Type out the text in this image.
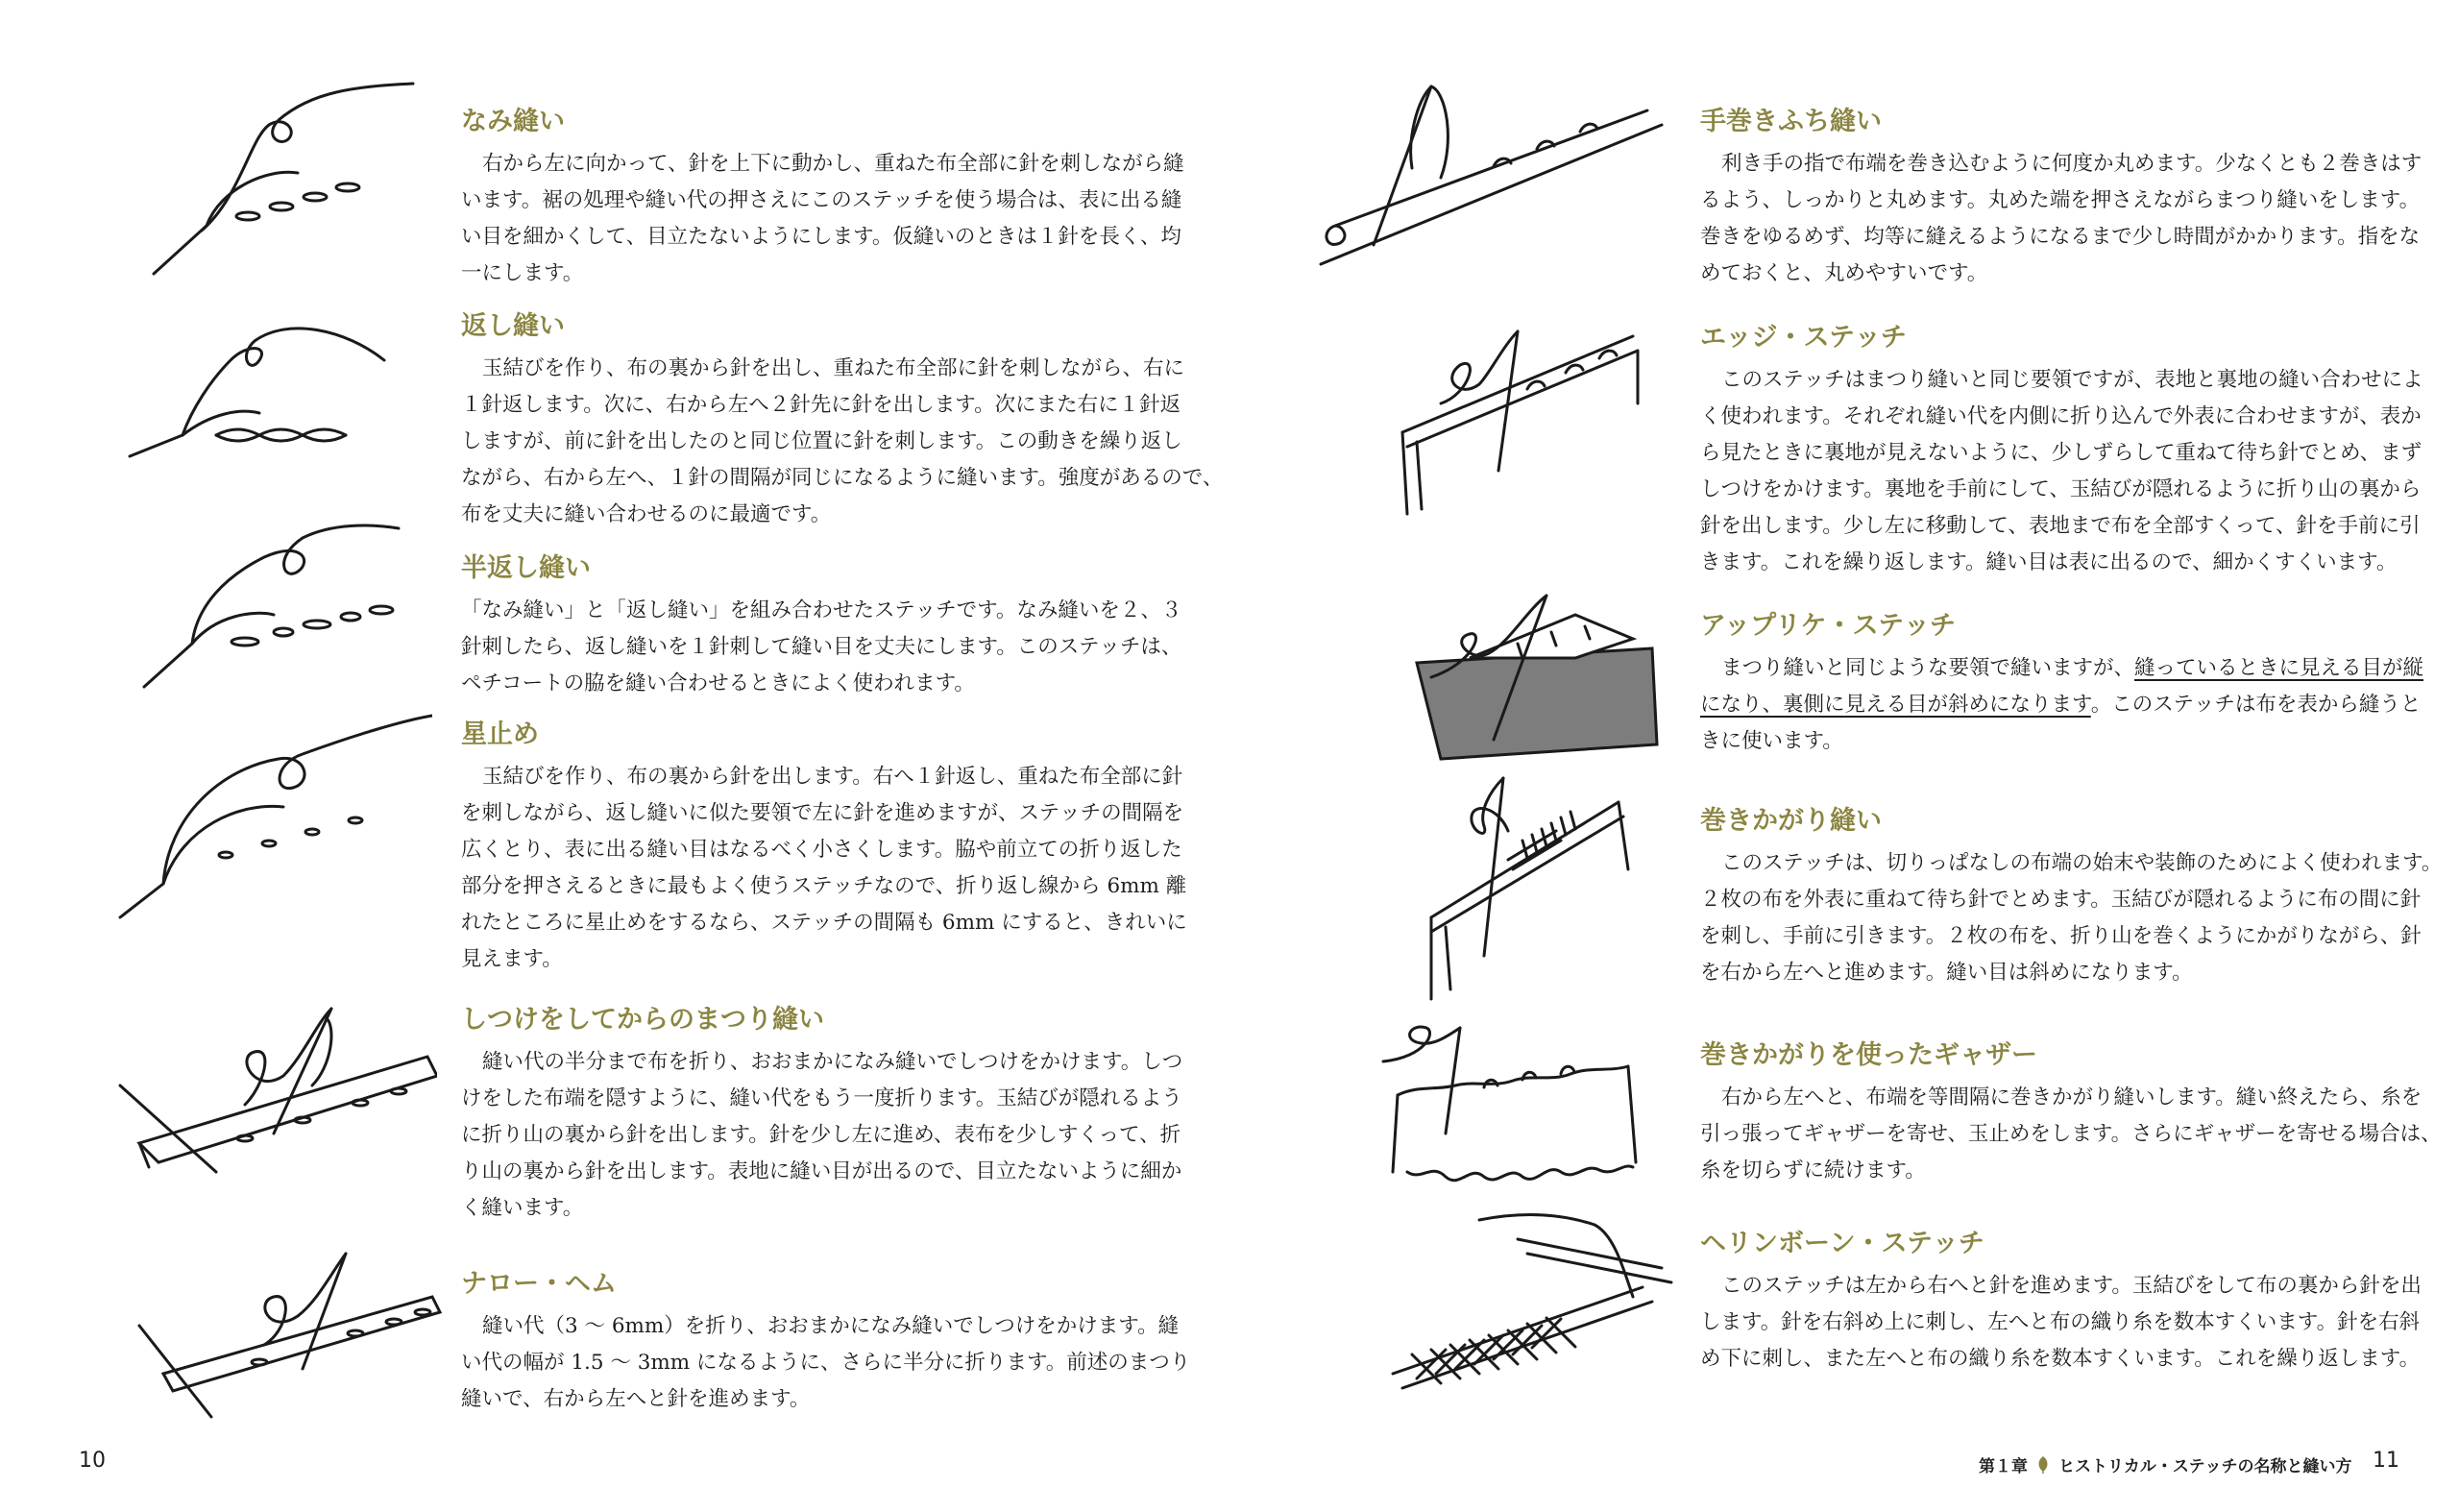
なみ縫い

右から左に向かって、針を上下に動かし、重ねた布全部に針を刺しながら縫

います。裾の処理や縫い代の押さえにこのステッチを使う場合は、表に出る縫

い目を細かくして、目立たないようにします。仮縫いのときは１針を長く、均

一にします。

返し縫い

玉結びを作り、布の裏から針を出し、重ねた布全部に針を刺しながら、右に

１針返します。次に、右から左へ２針先に針を出します。次にまた右に１針返

しますが、前に針を出したのと同じ位置に針を刺します。この動きを繰り返し

ながら、右から左へ、１針の間隔が同じになるように縫います。強度があるので、

布を丈夫に縫い合わせるのに最適です。

半返し縫い

「なみ縫い」と「返し縫い」を組み合わせたステッチです。なみ縫いを２、３

針刺したら、返し縫いを１針刺して縫い目を丈夫にします。このステッチは、

ペチコートの脇を縫い合わせるときによく使われます。

星止め

玉結びを作り、布の裏から針を出します。右へ１針返し、重ねた布全部に針

を刺しながら、返し縫いに似た要領で左に針を進めますが、ステッチの間隔を

広くとり、表に出る縫い目はなるべく小さくします。脇や前立ての折り返した

部分を押さえるときに最もよく使うステッチなので、折り返し線から 6mm 離

れたところに星止めをするなら、ステッチの間隔も 6mm にすると、きれいに

見えます。

しつけをしてからのまつり縫い

縫い代の半分まで布を折り、おおまかになみ縫いでしつけをかけます。しつ

けをした布端を隠すように、縫い代をもう一度折ります。玉結びが隠れるよう

に折り山の裏から針を出します。針を少し左に進め、表布を少しすくって、折

り山の裏から針を出します。表地に縫い目が出るので、目立たないように細か

く縫います。

ナロー・ヘム

縫い代（3 ～ 6mm）を折り、おおまかになみ縫いでしつけをかけます。縫

い代の幅が 1.5 ～ 3mm になるように、さらに半分に折ります。前述のまつり

縫いで、右から左へと針を進めます。

10
手巻きふち縫い

利き手の指で布端を巻き込むように何度か丸めます。少なくとも２巻きはす

るよう、しっかりと丸めます。丸めた端を押さえながらまつり縫いをします。

巻きをゆるめず、均等に縫えるようになるまで少し時間がかかります。指をな

めておくと、丸めやすいです。

エッジ・ステッチ

このステッチはまつり縫いと同じ要領ですが、表地と裏地の縫い合わせによ

く使われます。それぞれ縫い代を内側に折り込んで外表に合わせますが、表か

ら見たときに裏地が見えないように、少しずらして重ねて待ち針でとめ、まず

しつけをかけます。裏地を手前にして、玉結びが隠れるように折り山の裏から

針を出します。少し左に移動して、表地まで布を全部すくって、針を手前に引

きます。これを繰り返します。縫い目は表に出るので、細かくすくいます。

アップリケ・ステッチ

まつり縫いと同じような要領で縫いますが、縫っているときに見える目が縦

になり、裏側に見える目が斜めになります。このステッチは布を表から縫うと

きに使います。

巻きかがり縫い

このステッチは、切りっぱなしの布端の始末や装飾のためによく使われます。

２枚の布を外表に重ねて待ち針でとめます。玉結びが隠れるように布の間に針

を刺し、手前に引きます。２枚の布を、折り山を巻くようにかがりながら、針

を右から左へと進めます。縫い目は斜めになります。

巻きかがりを使ったギャザー

右から左へと、布端を等間隔に巻きかがり縫いします。縫い終えたら、糸を

引っ張ってギャザーを寄せ、玉止めをします。さらにギャザーを寄せる場合は、

糸を切らずに続けます。

ヘリンボーン・ステッチ

このステッチは左から右へと針を進めます。玉結びをして布の裏から針を出

します。針を右斜め上に刺し、左へと布の織り糸を数本すくいます。針を右斜

め下に刺し、また左へと布の織り糸を数本すくいます。これを繰り返します。

第１章 ヒストリカル・ステッチの名称と縫い方 11
